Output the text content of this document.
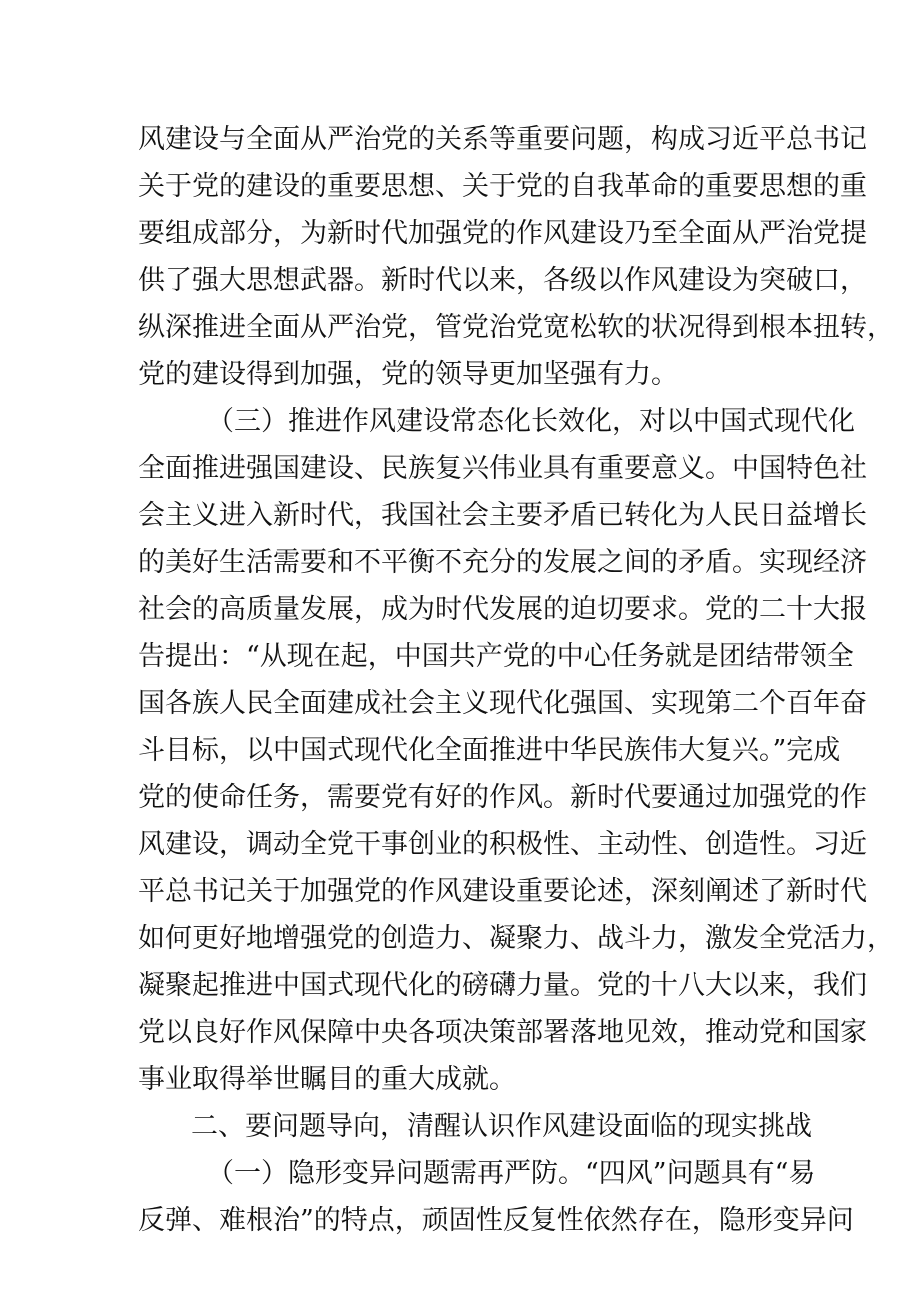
风建设与全面从严治党的关系等重要问题，构成习近平总书记
关于党的建设的重要思想、关于党的自我革命的重要思想的重
要组成部分，为新时代加强党的作风建设乃至全面从严治党提
供了强大思想武器。新时代以来，各级以作风建设为突破口，
纵深推进全面从严治党，管党治党宽松软的状况得到根本扭转，
党的建设得到加强，党的领导更加坚强有力。
（三）推进作风建设常态化长效化，对以中国式现代化
全面推进强国建设、民族复兴伟业具有重要意义。中国特色社
会主义进入新时代，我国社会主要矛盾已转化为人民日益增长
的美好生活需要和不平衡不充分的发展之间的矛盾。实现经济
社会的高质量发展，成为时代发展的迫切要求。党的二十大报
告提出：“从现在起，中国共产党的中心任务就是团结带领全
国各族人民全面建成社会主义现代化强国、实现第二个百年奋
斗目标，以中国式现代化全面推进中华民族伟大复兴。”完成
党的使命任务，需要党有好的作风。新时代要通过加强党的作
风建设，调动全党干事创业的积极性、主动性、创造性。习近
平总书记关于加强党的作风建设重要论述，深刻阐述了新时代
如何更好地增强党的创造力、凝聚力、战斗力，激发全党活力，
凝聚起推进中国式现代化的磅礴力量。党的十八大以来，我们
党以良好作风保障中央各项决策部署落地见效，推动党和国家
事业取得举世瞩目的重大成就。
二、要问题导向，清醒认识作风建设面临的现实挑战
（一）隐形变异问题需再严防。“四风”问题具有“易
反弹、难根治”的特点，顽固性反复性依然存在，隐形变异问
